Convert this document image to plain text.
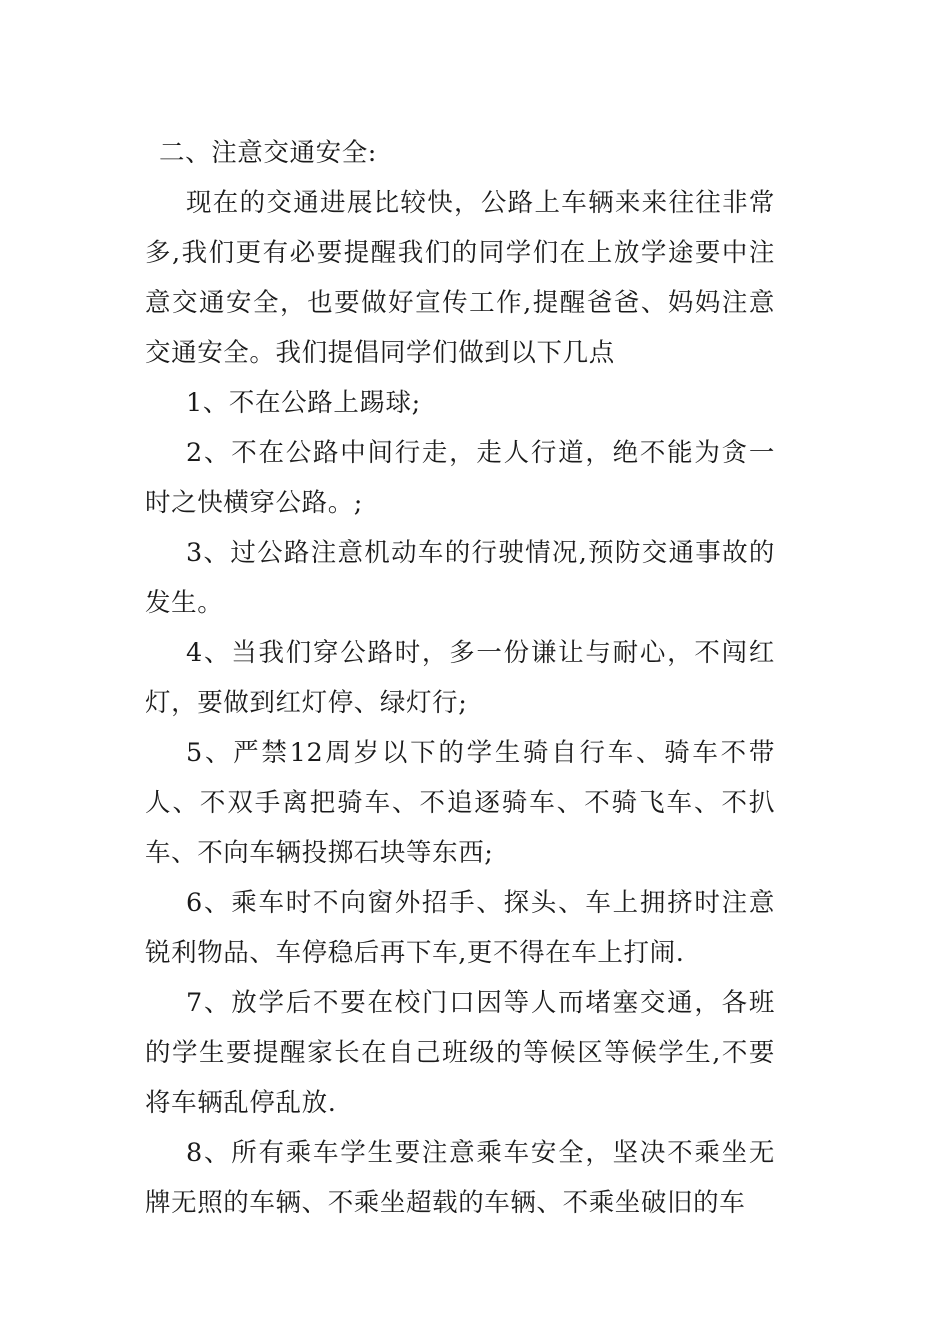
二、注意交通安全:

现在的交通进展比较快，公路上车辆来来往往非常多,我们更有必要提醒我们的同学们在上放学途要中注意交通安全，也要做好宣传工作,提醒爸爸、妈妈注意交通安全。我们提倡同学们做到以下几点

1、不在公路上踢球;

2、不在公路中间行走，走人行道，绝不能为贪一时之快横穿公路。;

3、过公路注意机动车的行驶情况,预防交通事故的发生。

4、当我们穿公路时，多一份谦让与耐心，不闯红灯，要做到红灯停、绿灯行;

5、严禁12周岁以下的学生骑自行车、骑车不带人、不双手离把骑车、不追逐骑车、不骑飞车、不扒车、不向车辆投掷石块等东西;

6、乘车时不向窗外招手、探头、车上拥挤时注意锐利物品、车停稳后再下车,更不得在车上打闹.

7、放学后不要在校门口因等人而堵塞交通，各班的学生要提醒家长在自己班级的等候区等候学生,不要将车辆乱停乱放.

8、所有乘车学生要注意乘车安全，坚决不乘坐无牌无照的车辆、不乘坐超载的车辆、不乘坐破旧的车
